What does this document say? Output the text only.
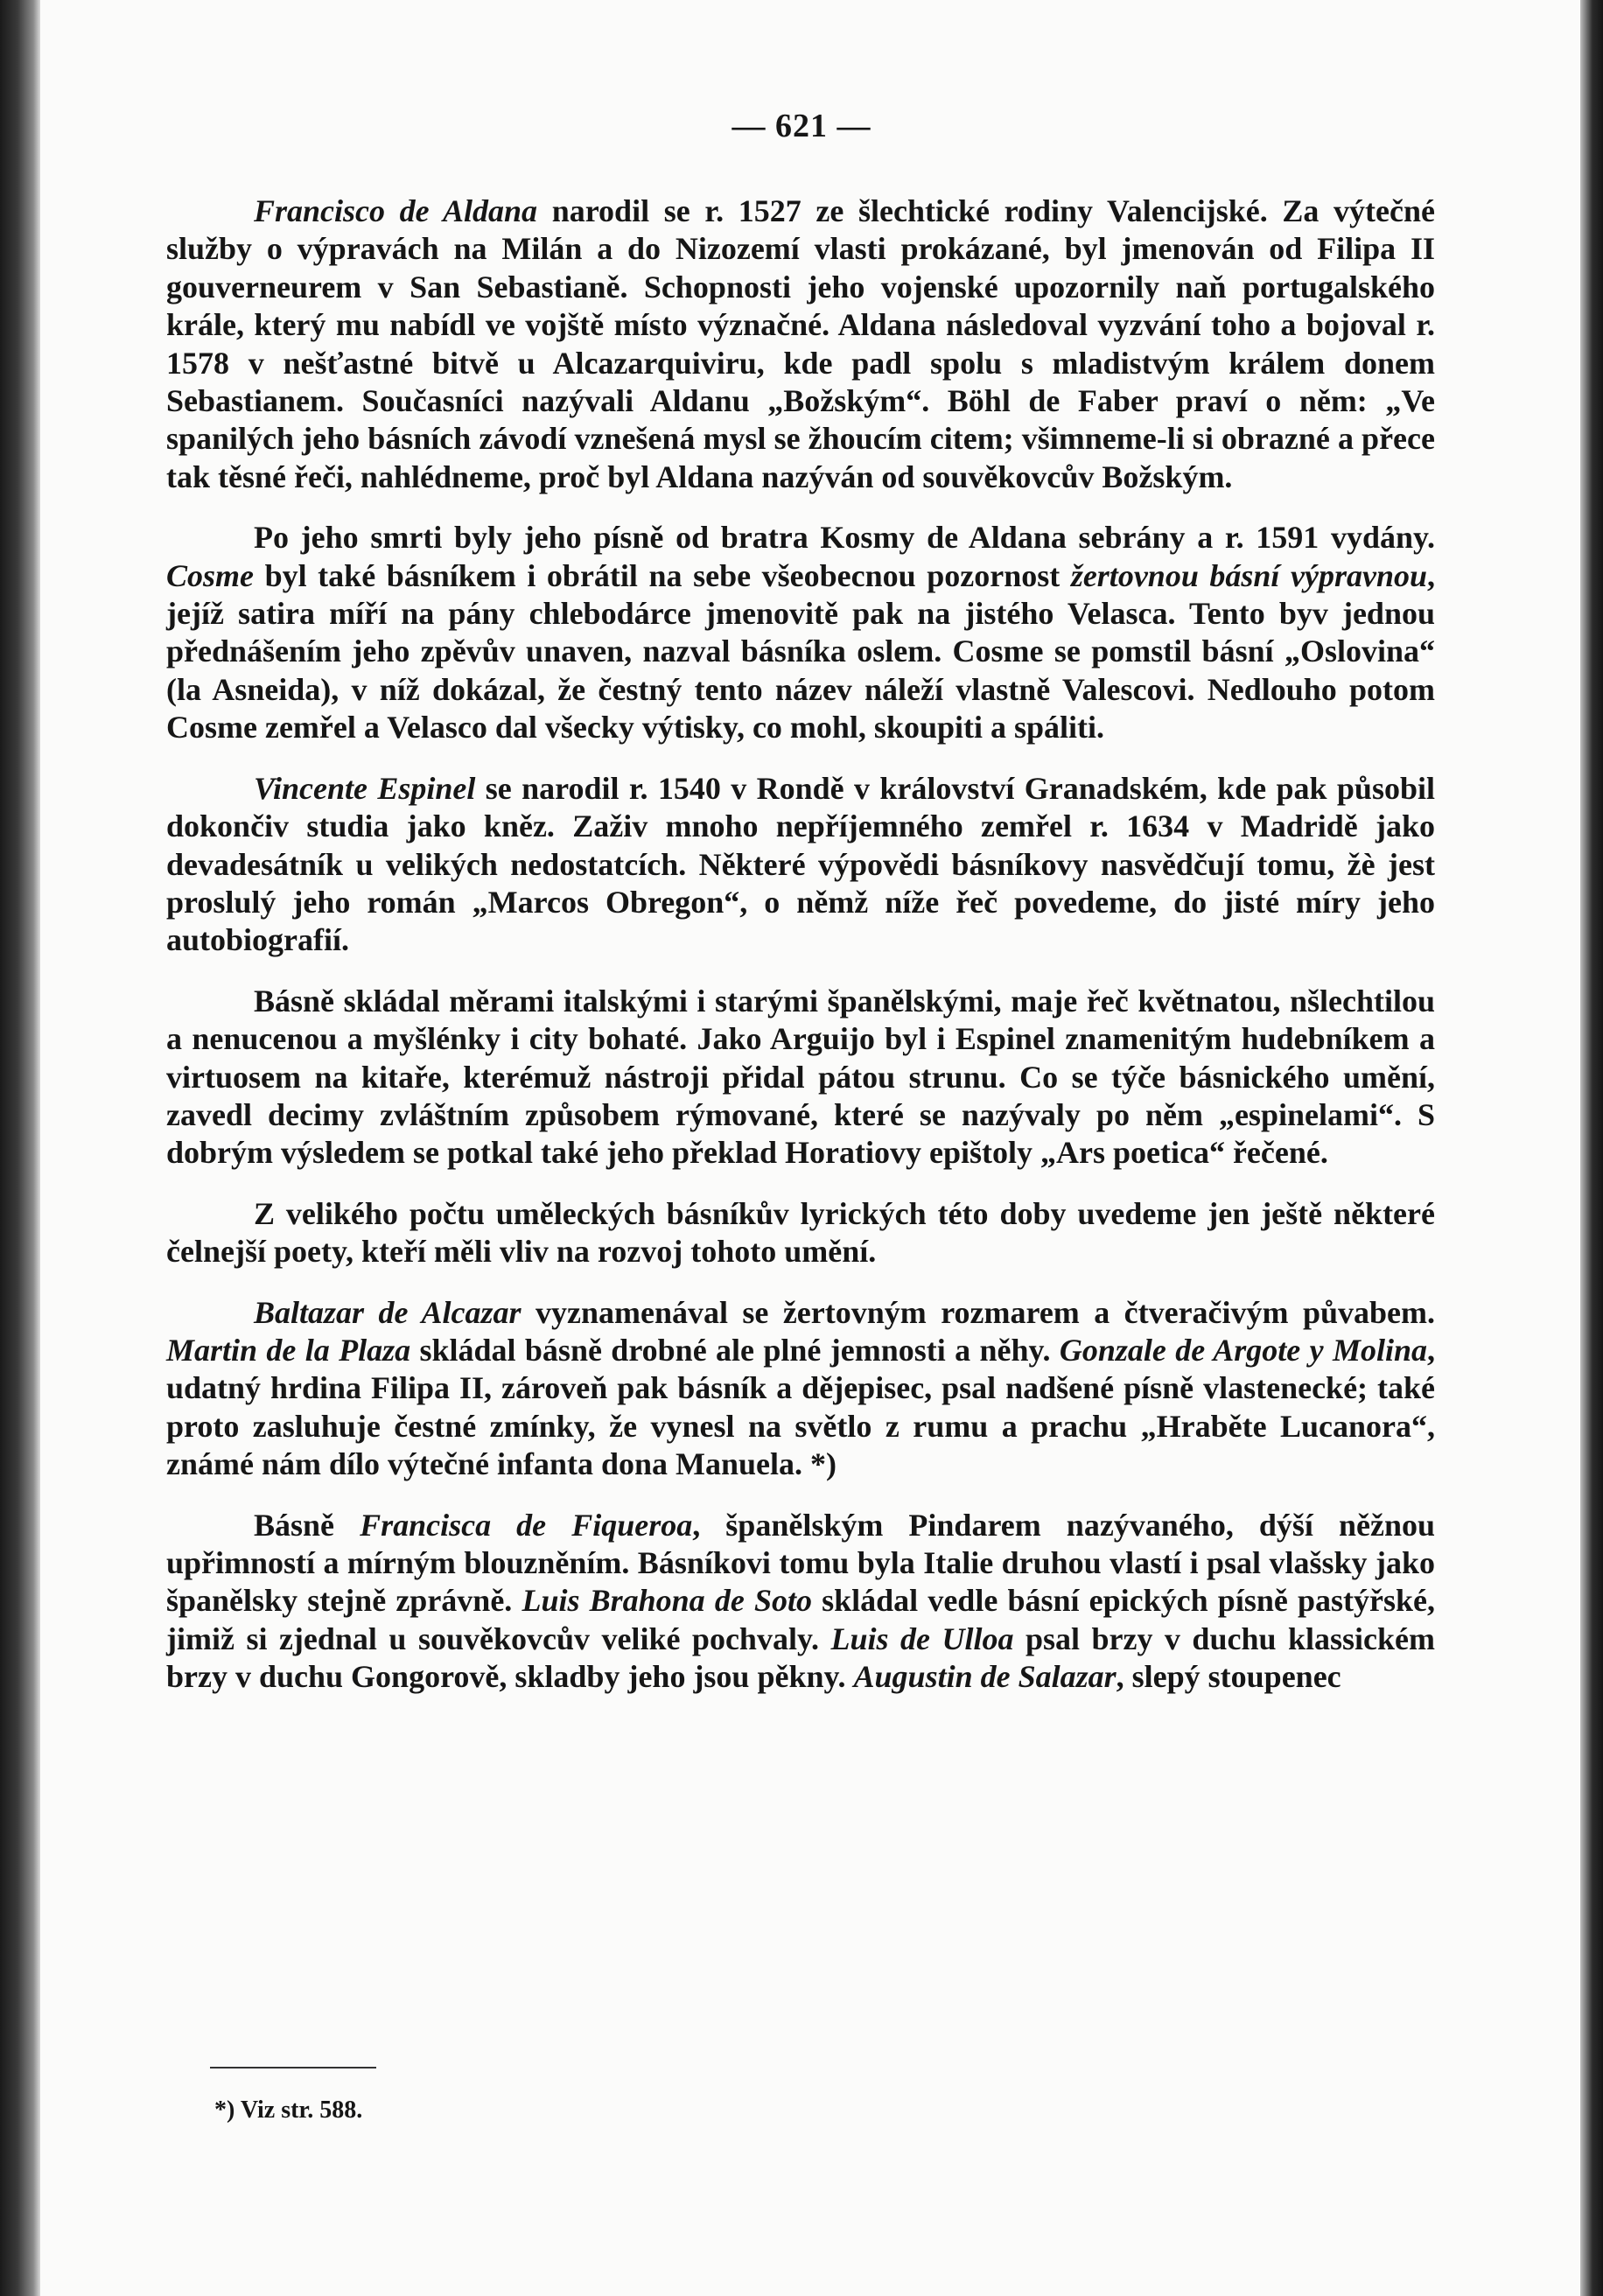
— 621 —

Francisco de Aldana narodil se r. 1527 ze šlechtické rodiny Valencijské. Za výtečné služby o výpravách na Milán a do Nizozemí vlasti prokázané, byl jmenován od Filipa II gouverneurem v San Sebastianě. Schopnosti jeho vojenské upozornily naň portugalského krále, který mu nabídl ve vojště místo význačné. Aldana následoval vyzvání toho a bojoval r. 1578 v nešťastné bitvě u Alcazarquiviru, kde padl spolu s mladistvým králem donem Sebastianem. Současníci nazývali Aldanu „Božským“. Böhl de Faber praví o něm: „Ve spanilých jeho básních závodí vznešená mysl se žhoucím citem; všimneme-li si obrazné a přece tak těsné řeči, nahlédneme, proč byl Aldana nazýván od souvěkovcův Božským.

Po jeho smrti byly jeho písně od bratra Kosmy de Aldana sebrány a r. 1591 vydány. Cosme byl také básníkem i obrátil na sebe všeobecnou pozornost žertovnou básní výpravnou, jejíž satira míří na pány chlebodárce jmenovitě pak na jistého Velasca. Tento byv jednou přednášením jeho zpěvův unaven, nazval básníka oslem. Cosme se pomstil básní „Oslovina“ (la Asneida), v níž dokázal, že čestný tento název náleží vlastně Valescovi. Nedlouho potom Cosme zemřel a Velasco dal všecky výtisky, co mohl, skoupiti a spáliti.

Vincente Espinel se narodil r. 1540 v Rondě v království Granadském, kde pak působil dokončiv studia jako kněz. Zaživ mnoho nepříjemného zemřel r. 1634 v Madridě jako devadesátník u velikých nedostatcích. Některé výpovědi básníkovy nasvědčují tomu, žè jest proslulý jeho román „Marcos Obregon“, o němž níže řeč povedeme, do jisté míry jeho autobiografií.

Básně skládal měrami italskými i starými španělskými, maje řeč květnatou, nšlechtilou a nenucenou a myšlénky i city bohaté. Jako Arguijo byl i Espinel znamenitým hudebníkem a virtuosem na kitaře, kterémuž nástroji přidal pátou strunu. Co se týče básnického umění, zavedl decimy zvláštním způsobem rýmované, které se nazývaly po něm „espinelami“. S dobrým výsledem se potkal také jeho překlad Horatiovy epištoly „Ars poetica“ řečené.

Z velikého počtu uměleckých básníkův lyrických této doby uvedeme jen ještě některé čelnejší poety, kteří měli vliv na rozvoj tohoto umění.

Baltazar de Alcazar vyznamenával se žertovným rozmarem a čtveračivým půvabem. Martin de la Plaza skládal básně drobné ale plné jemnosti a něhy. Gonzale de Argote y Molina, udatný hrdina Filipa II, zároveň pak básník a dějepisec, psal nadšené písně vlastenecké; také proto zasluhuje čestné zmínky, že vynesl na světlo z rumu a prachu „Hraběte Lucanora“, známé nám dílo výtečné infanta dona Manuela. *)

Básně Francisca de Fiqueroa, španělským Pindarem nazývaného, dýší něžnou upřimností a mírným blouzněním. Básníkovi tomu byla Italie druhou vlastí i psal vlašsky jako španělsky stejně zprávně. Luis Brahona de Soto skládal vedle básní epických písně pastýřské, jimiž si zjednal u souvěkovcův veliké pochvaly. Luis de Ulloa psal brzy v duchu klassickém brzy v duchu Gongorově, skladby jeho jsou pěkny. Augustin de Salazar, slepý stoupenec

*) Viz str. 588.
